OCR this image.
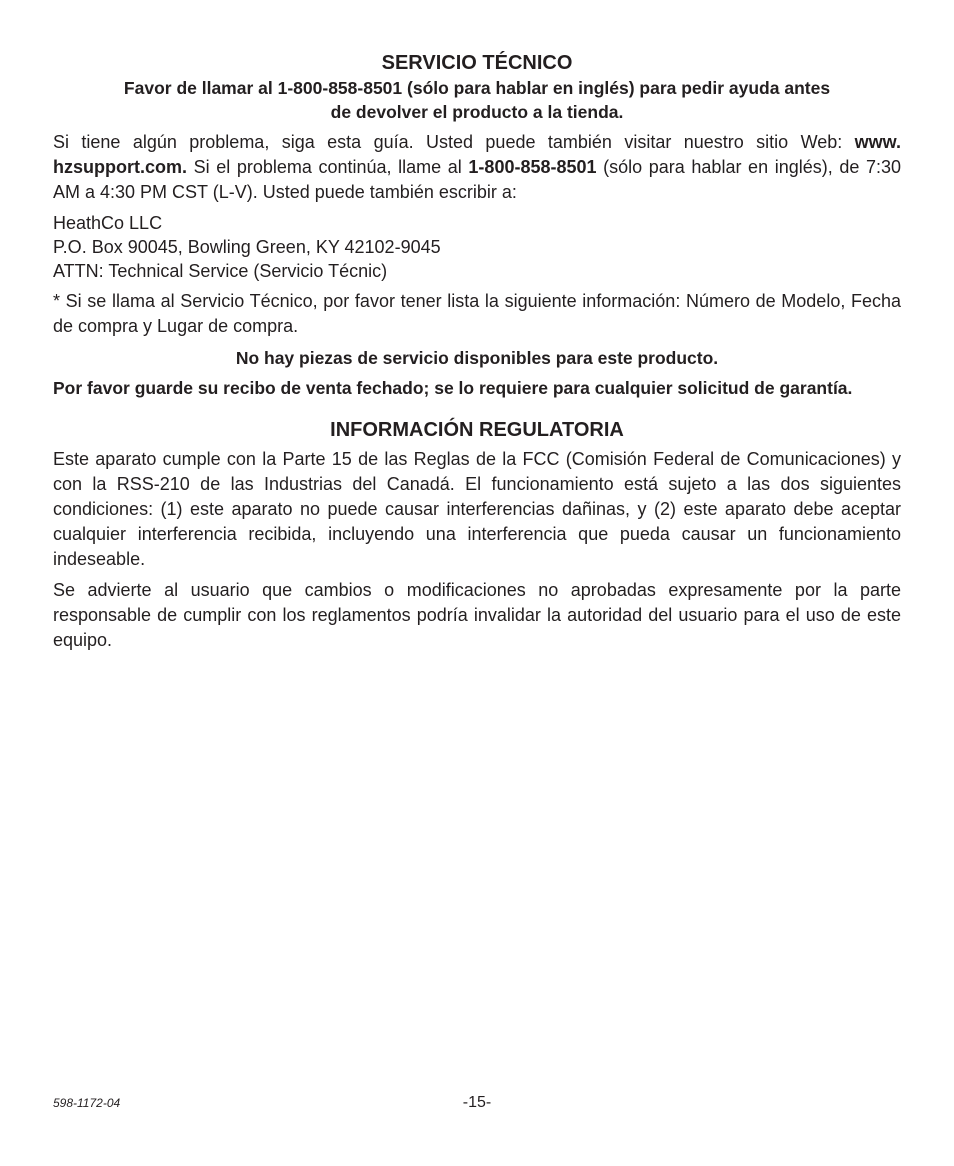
SERVICIO TÉCNICO
Favor de llamar al 1-800-858-8501 (sólo para hablar en inglés) para pedir ayuda antes
de devolver el producto a la tienda.

Si tiene algún problema, siga esta guía. Usted puede también visitar nuestro sitio Web: www. hzsupport.com. Si el problema continúa, llame al 1-800-858-8501 (sólo para hablar en inglés), de 7:30 AM a 4:30 PM CST (L-V). Usted puede también escribir a:

HeathCo LLC

P.O. Box 90045, Bowling Green, KY 42102-9045

ATTN: Technical Service (Servicio Técnic)

* Si se llama al Servicio Técnico, por favor tener lista la siguiente información: Número de Modelo, Fecha de compra y Lugar de compra.

No hay piezas de servicio disponibles para este producto.

Por favor guarde su recibo de venta fechado; se lo requiere para cualquier solicitud de garantía.

INFORMACIÓN REGULATORIA

Este aparato cumple con la Parte 15 de las Reglas de la FCC (Comisión Federal de Comunicaciones) y con la RSS-210 de las Industrias del Canadá. El funcionamiento está sujeto a las dos siguientes condiciones: (1) este aparato no puede causar interferencias dañinas, y (2) este aparato debe aceptar cualquier interferencia recibida, incluyendo una interferencia que pueda causar un funcionamiento indeseable.

Se advierte al usuario que cambios o modificaciones no aprobadas expresamente por la parte responsable de cumplir con los reglamentos podría invalidar la autoridad del usuario para el uso de este equipo.

598-1172-04	-15-
